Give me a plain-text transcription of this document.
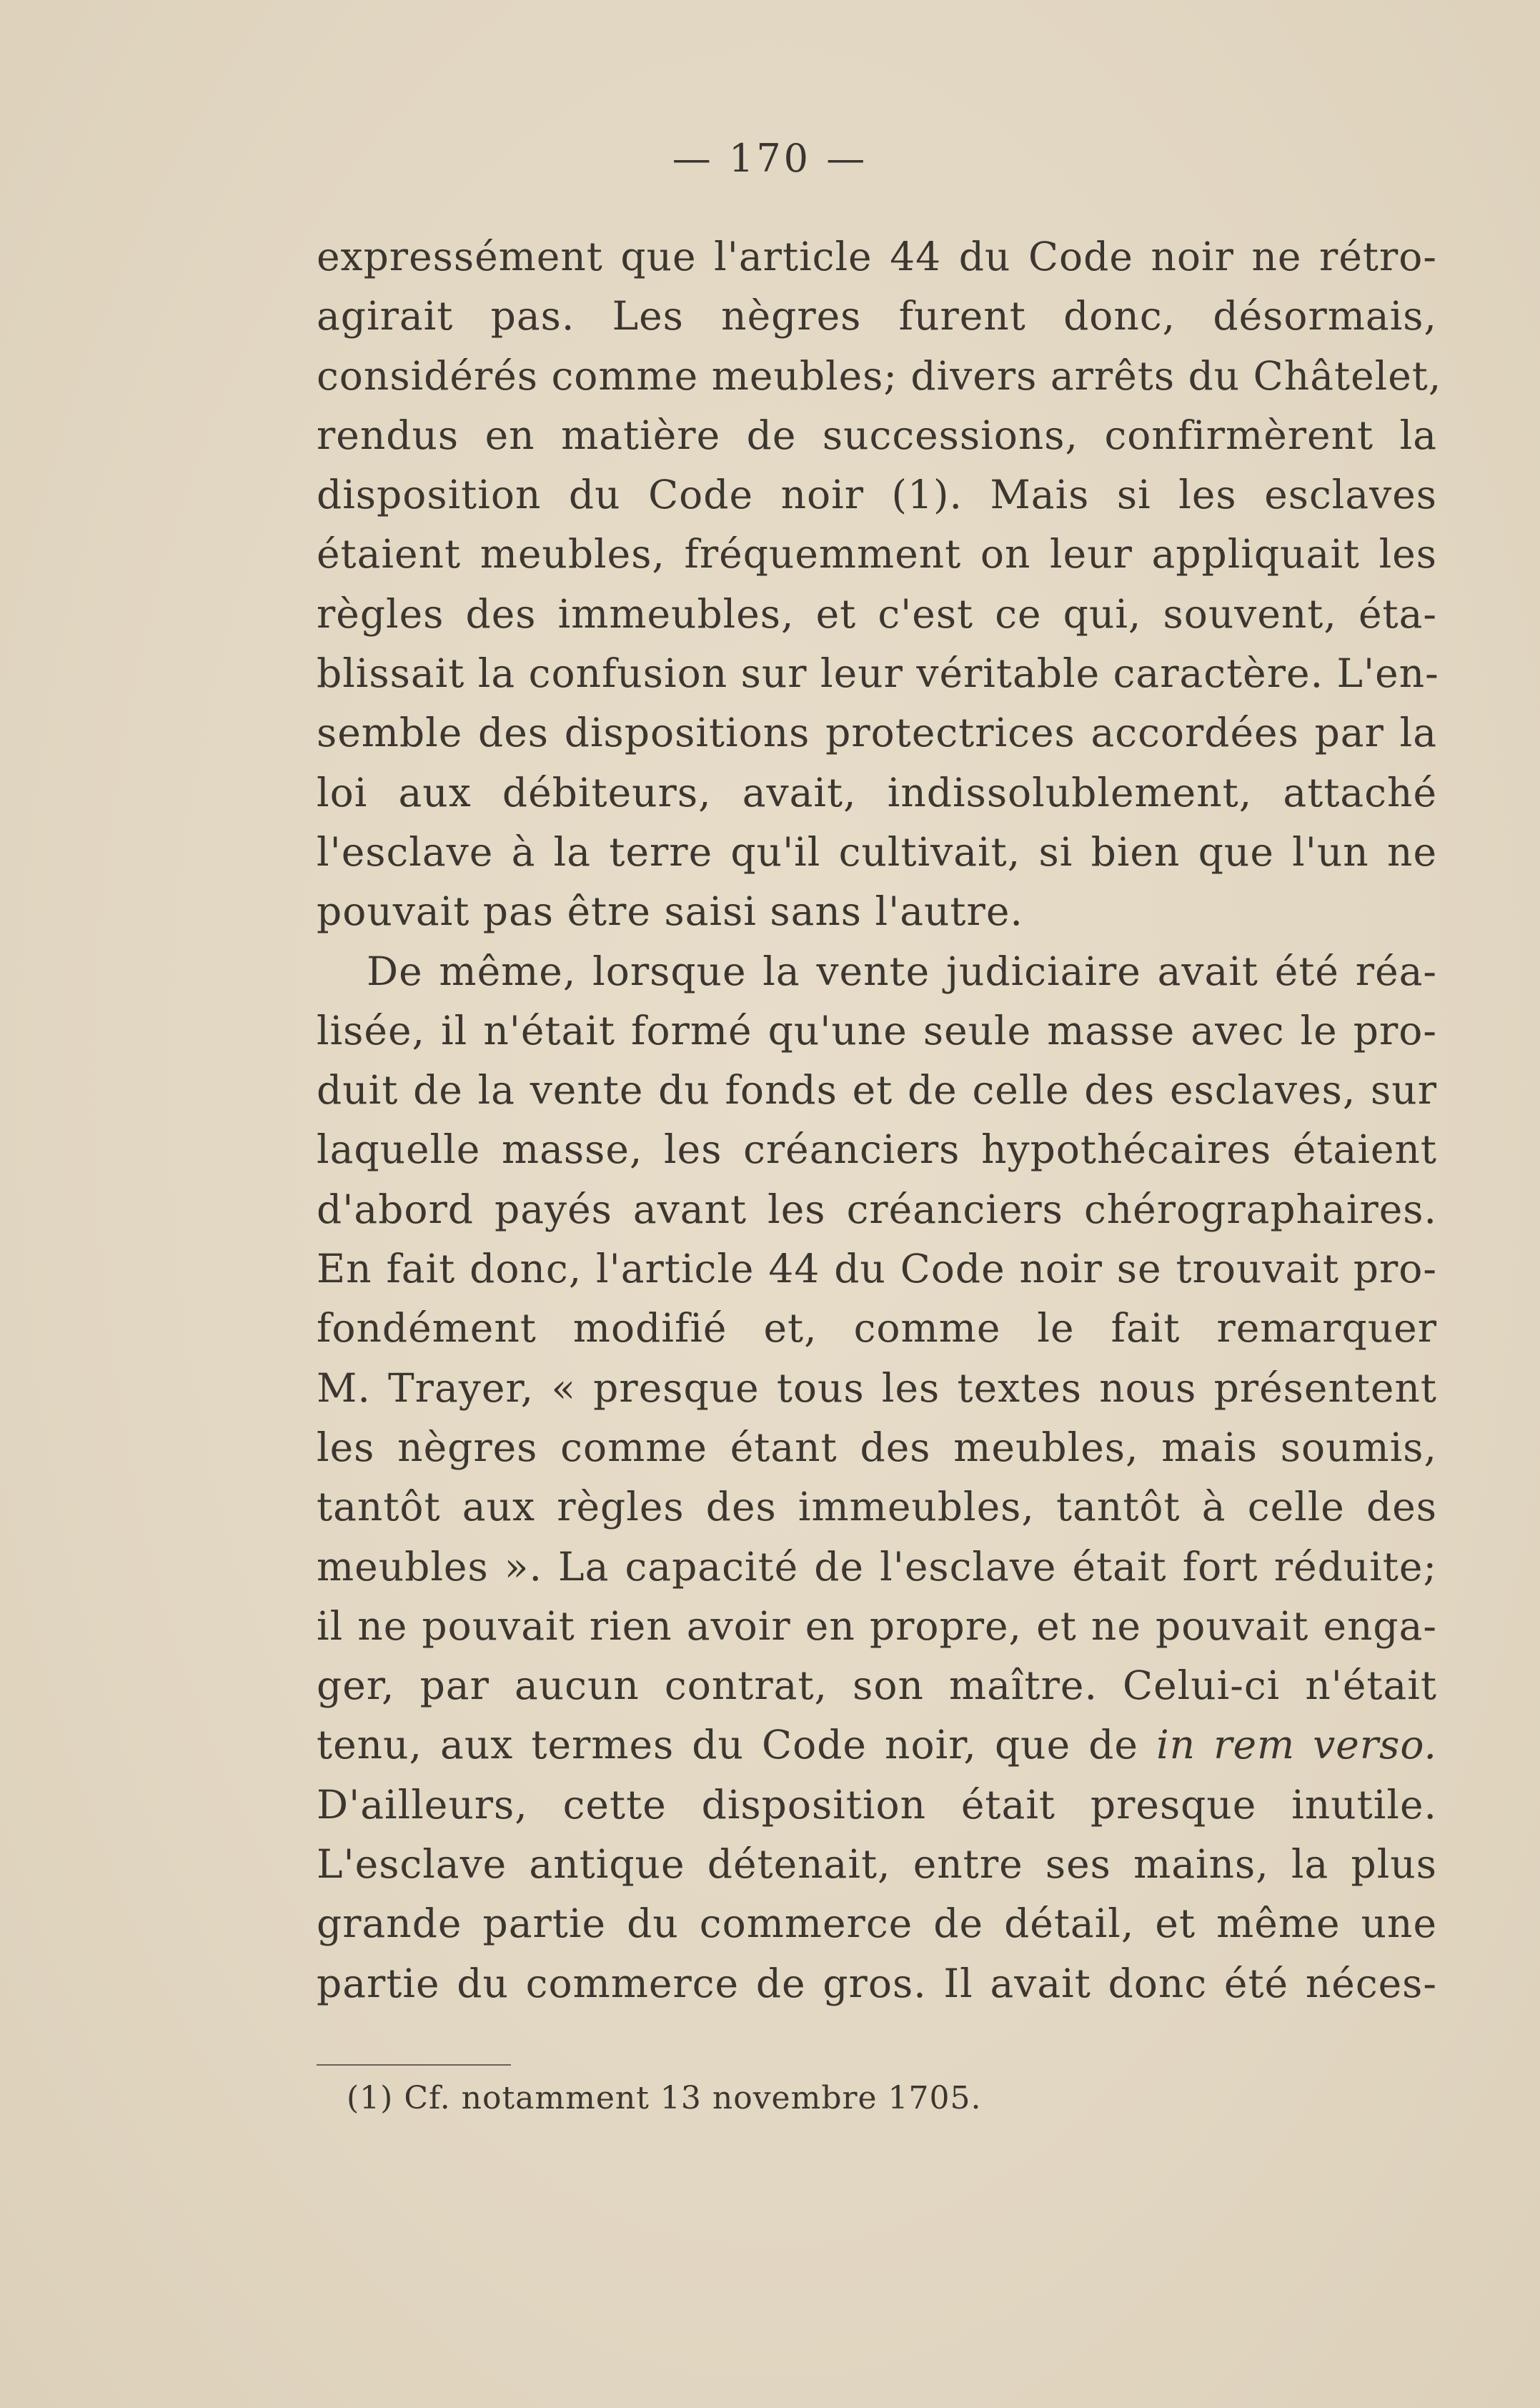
— 170 —
expressément que l'article 44 du Code noir ne rétro-
agirait pas. Les nègres furent donc, désormais,
considérés comme meubles; divers arrêts du Châtelet,
rendus en matière de successions, confirmèrent la
disposition du Code noir (1). Mais si les esclaves
étaient meubles, fréquemment on leur appliquait les
règles des immeubles, et c'est ce qui, souvent, éta-
blissait la confusion sur leur véritable caractère. L'en-
semble des dispositions protectrices accordées par la
loi aux débiteurs, avait, indissolublement, attaché
l'esclave à la terre qu'il cultivait, si bien que l'un ne
pouvait pas être saisi sans l'autre.
De même, lorsque la vente judiciaire avait été réa-
lisée, il n'était formé qu'une seule masse avec le pro-
duit de la vente du fonds et de celle des esclaves, sur
laquelle masse, les créanciers hypothécaires étaient
d'abord payés avant les créanciers chérographaires.
En fait donc, l'article 44 du Code noir se trouvait pro-
fondément modifié et, comme le fait remarquer
M. Trayer, « presque tous les textes nous présentent
les nègres comme étant des meubles, mais soumis,
tantôt aux règles des immeubles, tantôt à celle des
meubles ». La capacité de l'esclave était fort réduite;
il ne pouvait rien avoir en propre, et ne pouvait enga-
ger, par aucun contrat, son maître. Celui-ci n'était
tenu, aux termes du Code noir, que de in rem verso.
D'ailleurs, cette disposition était presque inutile.
L'esclave antique détenait, entre ses mains, la plus
grande partie du commerce de détail, et même une
partie du commerce de gros. Il avait donc été néces-
(1) Cf. notamment 13 novembre 1705.
